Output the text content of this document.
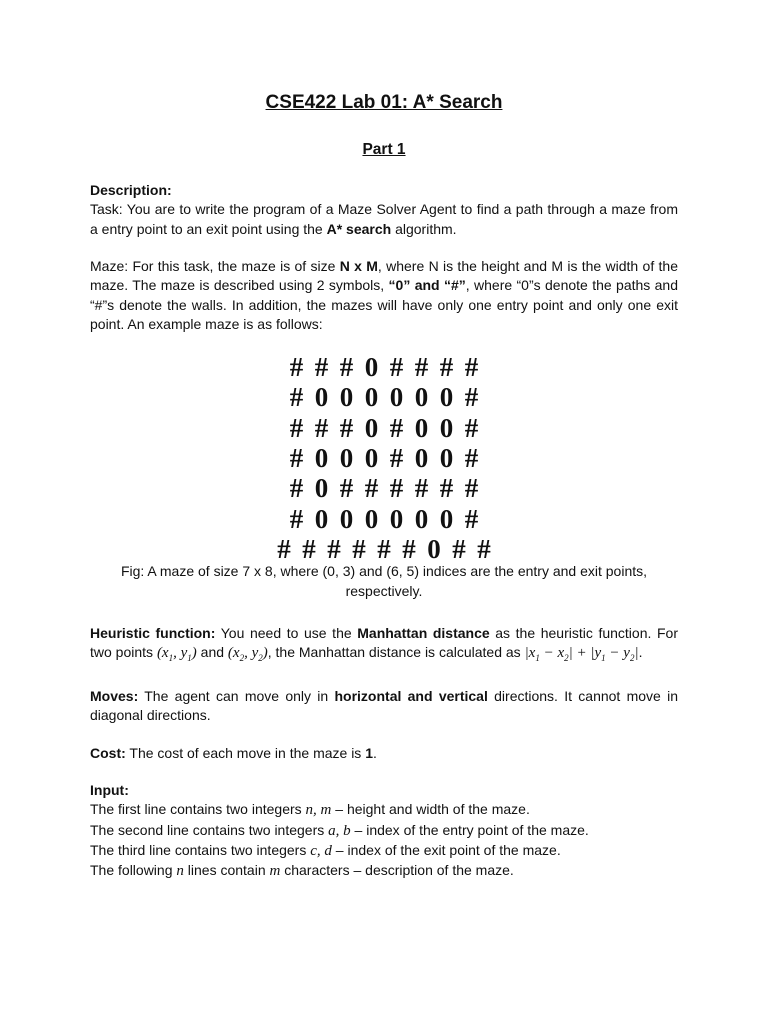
CSE422 Lab 01: A* Search
Part 1
Description:
Task: You are to write the program of a Maze Solver Agent to find a path through a maze from a entry point to an exit point using the A* search algorithm.
Maze: For this task, the maze is of size N x M, where N is the height and M is the width of the maze. The maze is described using 2 symbols, “0” and “#”, where “0”s denote the paths and “#”s denote the walls. In addition, the mazes will have only one entry point and only one exit point. An example maze is as follows:
# # # 0 # # # #
# 0 0 0 0 0 0 #
# # # 0 # 0 0 #
# 0 0 0 # 0 0 #
# 0 # # # # # #
# 0 0 0 0 0 0 #
# # # # # # 0 # #
Fig: A maze of size 7 x 8, where (0, 3) and (6, 5) indices are the entry and exit points, respectively.
Heuristic function: You need to use the Manhattan distance as the heuristic function. For two points ($x_1$, $y_1$) and ($x_2$, $y_2$), the Manhattan distance is calculated as $|x_1 - x_2| + |y_1 - y_2|$.
Moves: The agent can move only in horizontal and vertical directions. It cannot move in diagonal directions.
Cost: The cost of each move in the maze is 1.
Input:
The first line contains two integers n, m – height and width of the maze.
The second line contains two integers a, b – index of the entry point of the maze.
The third line contains two integers c, d – index of the exit point of the maze.
The following n lines contain m characters – description of the maze.
